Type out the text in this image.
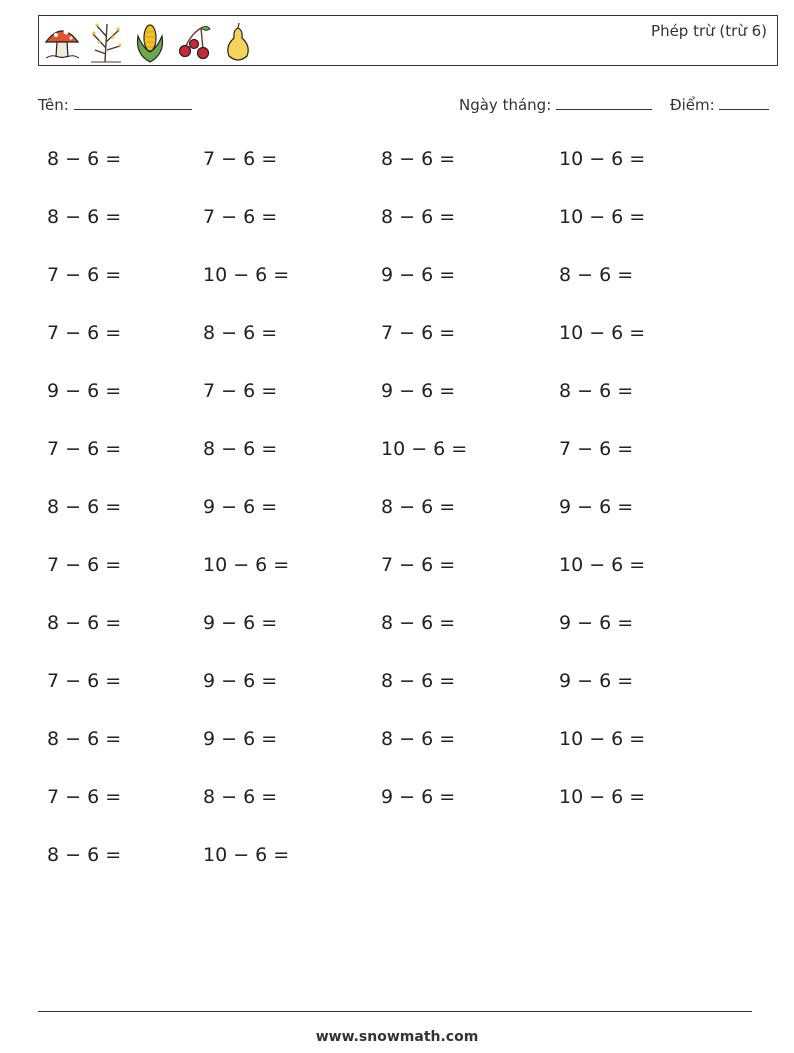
Phép trừ (trừ 6)
Tên:	Ngày tháng:	Điểm:
8 − 6 =	7 − 6 =	8 − 6 =	10 − 6 =
8 − 6 =	7 − 6 =	8 − 6 =	10 − 6 =
7 − 6 =	10 − 6 =	9 − 6 =	8 − 6 =
7 − 6 =	8 − 6 =	7 − 6 =	10 − 6 =
9 − 6 =	7 − 6 =	9 − 6 =	8 − 6 =
7 − 6 =	8 − 6 =	10 − 6 =	7 − 6 =
8 − 6 =	9 − 6 =	8 − 6 =	9 − 6 =
7 − 6 =	10 − 6 =	7 − 6 =	10 − 6 =
8 − 6 =	9 − 6 =	8 − 6 =	9 − 6 =
7 − 6 =	9 − 6 =	8 − 6 =	9 − 6 =
8 − 6 =	9 − 6 =	8 − 6 =	10 − 6 =
7 − 6 =	8 − 6 =	9 − 6 =	10 − 6 =
8 − 6 =	10 − 6 =
www.snowmath.com
